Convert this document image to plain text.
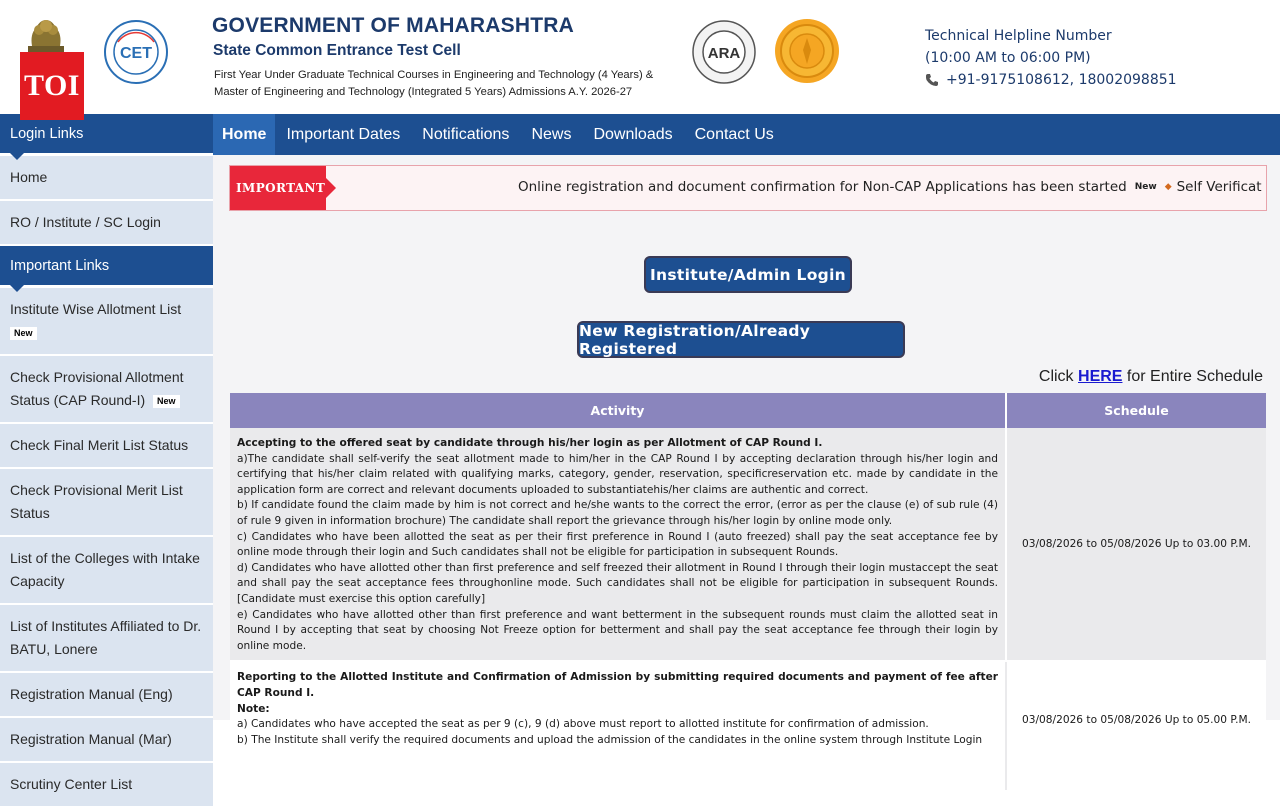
TOI
CET
GOVERNMENT OF MAHARASHTRA
State Common Entrance Test Cell
First Year Under Graduate Technical Courses in Engineering and Technology (4 Years) &
Master of Engineering and Technology (Integrated 5 Years) Admissions A.Y. 2026-27
ARA
Technical Helpline Number
(10:00 AM to 06:00 PM)
+91-9175108612, 18002098851
Login Links
Home
RO / Institute / SC Login
Important Links
Institute Wise Allotment List
New
Check Provisional Allotment Status (CAP Round-I) New
Check Final Merit List Status
Check Provisional Merit List Status
List of the Colleges with Intake Capacity
List of Institutes Affiliated to Dr. BATU, Lonere
Registration Manual (Eng)
Registration Manual (Mar)
Scrutiny Center List
Home	Important Dates	Notifications	News	Downloads	Contact Us
IMPORTANT	Online registration and document confirmation for Non-CAP Applications has been started New ◆ Self Verificat
Institute/Admin Login
New Registration/Already Registered
Click HERE for Entire Schedule
Activity	Schedule
Accepting to the offered seat by candidate through his/her login as per Allotment of CAP Round I.
a)The candidate shall self-verify the seat allotment made to him/her in the CAP Round I by accepting declaration through his/her login and certifying that his/her claim related with qualifying marks, category, gender, reservation, specificreservation etc. made by candidate in the application form are correct and relevant documents uploaded to substantiatehis/her claims are authentic and correct.
b) If candidate found the claim made by him is not correct and he/she wants to the correct the error, (error as per the clause (e) of sub rule (4) of rule 9 given in information brochure) The candidate shall report the grievance through his/her login by online mode only.
c) Candidates who have been allotted the seat as per their first preference in Round I (auto freezed) shall pay the seat acceptance fee by online mode through their login and Such candidates shall not be eligible for participation in subsequent Rounds.
d) Candidates who have allotted other than first preference and self freezed their allotment in Round I through their login mustaccept the seat and shall pay the seat acceptance fees throughonline mode. Such candidates shall not be eligible for participation in subsequent Rounds. [Candidate must exercise this option carefully]
e) Candidates who have allotted other than first preference and want betterment in the subsequent rounds must claim the allotted seat in Round I by accepting that seat by choosing Not Freeze option for betterment and shall pay the seat acceptance fee through their login by online mode.
03/08/2026 to 05/08/2026 Up to 03.00 P.M.
Reporting to the Allotted Institute and Confirmation of Admission by submitting required documents and payment of fee after CAP Round I.
Note:
a) Candidates who have accepted the seat as per 9 (c), 9 (d) above must report to allotted institute for confirmation of admission.
b) The Institute shall verify the required documents and upload the admission of the candidates in the online system through Institute Login
03/08/2026 to 05/08/2026 Up to 05.00 P.M.
